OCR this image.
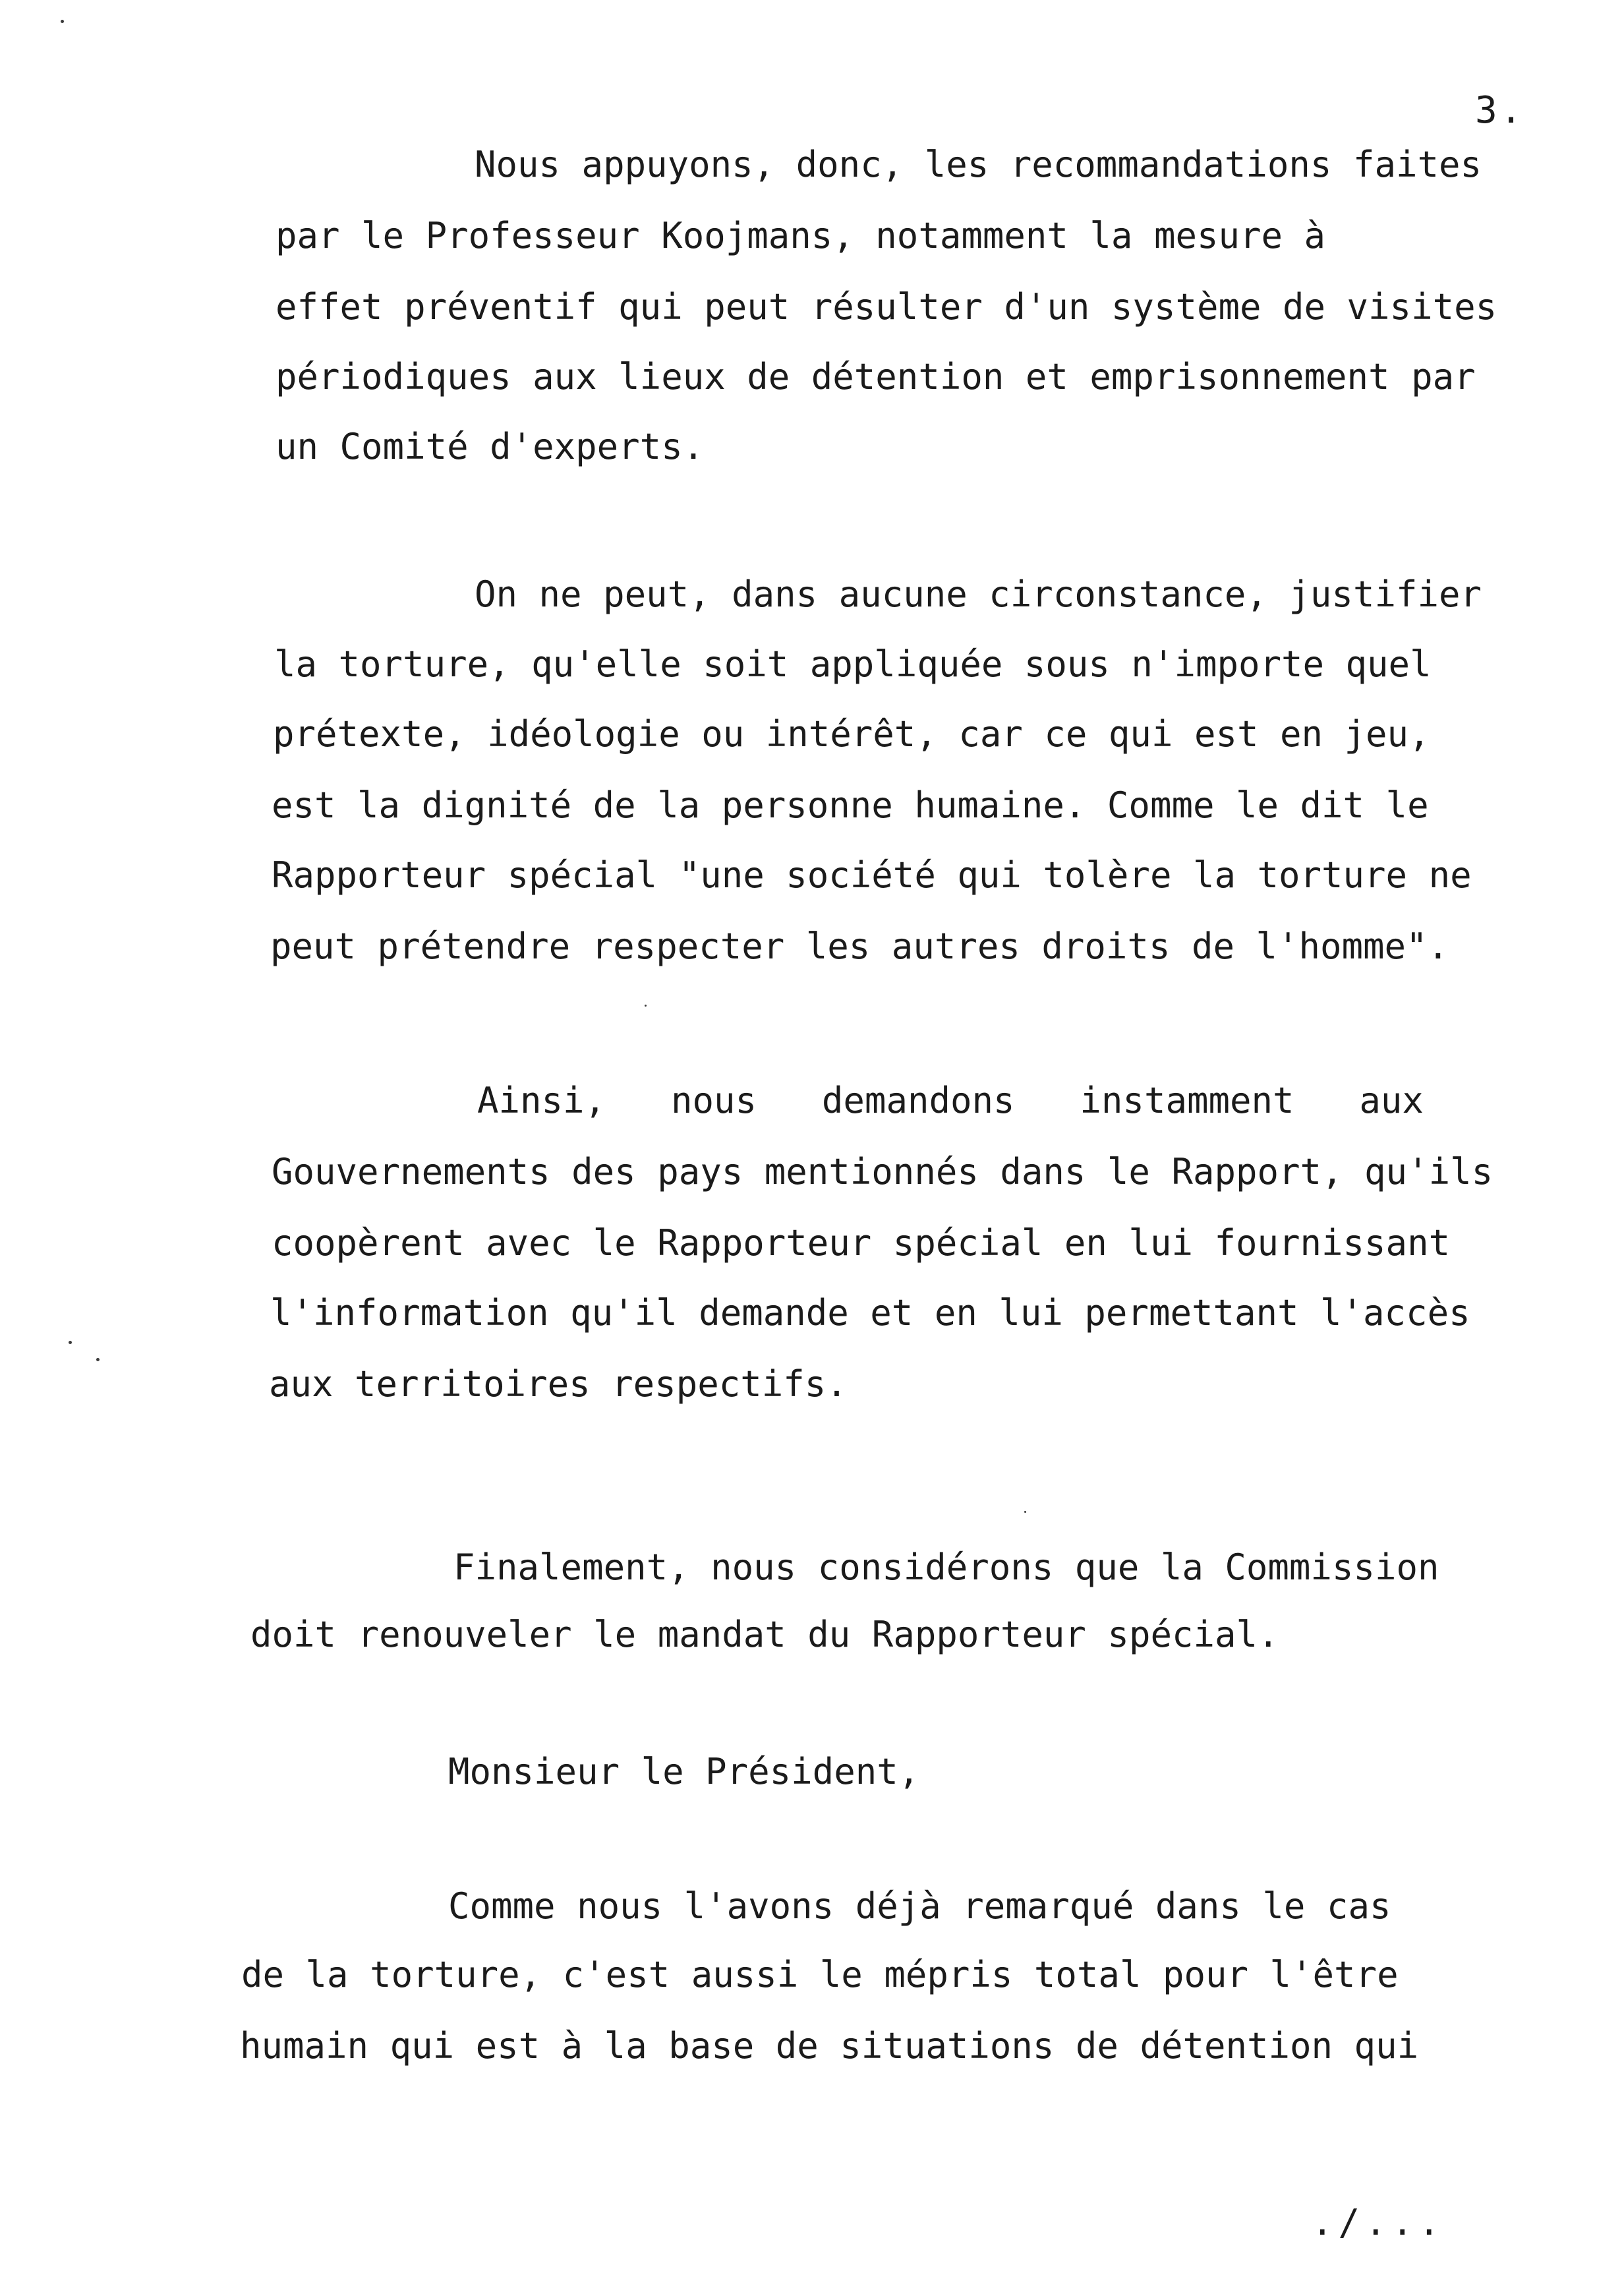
3.
Nous appuyons, donc, les recommandations faites
par le Professeur Koojmans, notamment la mesure à
effet préventif qui peut résulter d'un système de visites
périodiques aux lieux de détention et emprisonnement par
un Comité d'experts.
On ne peut, dans aucune circonstance, justifier
la torture, qu'elle soit appliquée sous n'importe quel
prétexte, idéologie ou intérêt, car ce qui est en jeu,
est la dignité de la personne humaine. Comme le dit le
Rapporteur spécial "une société qui tolère la torture ne
peut prétendre respecter les autres droits de l'homme".
Ainsi, nous demandons instamment aux
Gouvernements des pays mentionnés dans le Rapport, qu'ils
coopèrent avec le Rapporteur spécial en lui fournissant
l'information qu'il demande et en lui permettant l'accès
aux territoires respectifs.
Finalement, nous considérons que la Commission
doit renouveler le mandat du Rapporteur spécial.
Monsieur le Président,
Comme nous l'avons déjà remarqué dans le cas
de la torture, c'est aussi le mépris total pour l'être
humain qui est à la base de situations de détention qui
./...
